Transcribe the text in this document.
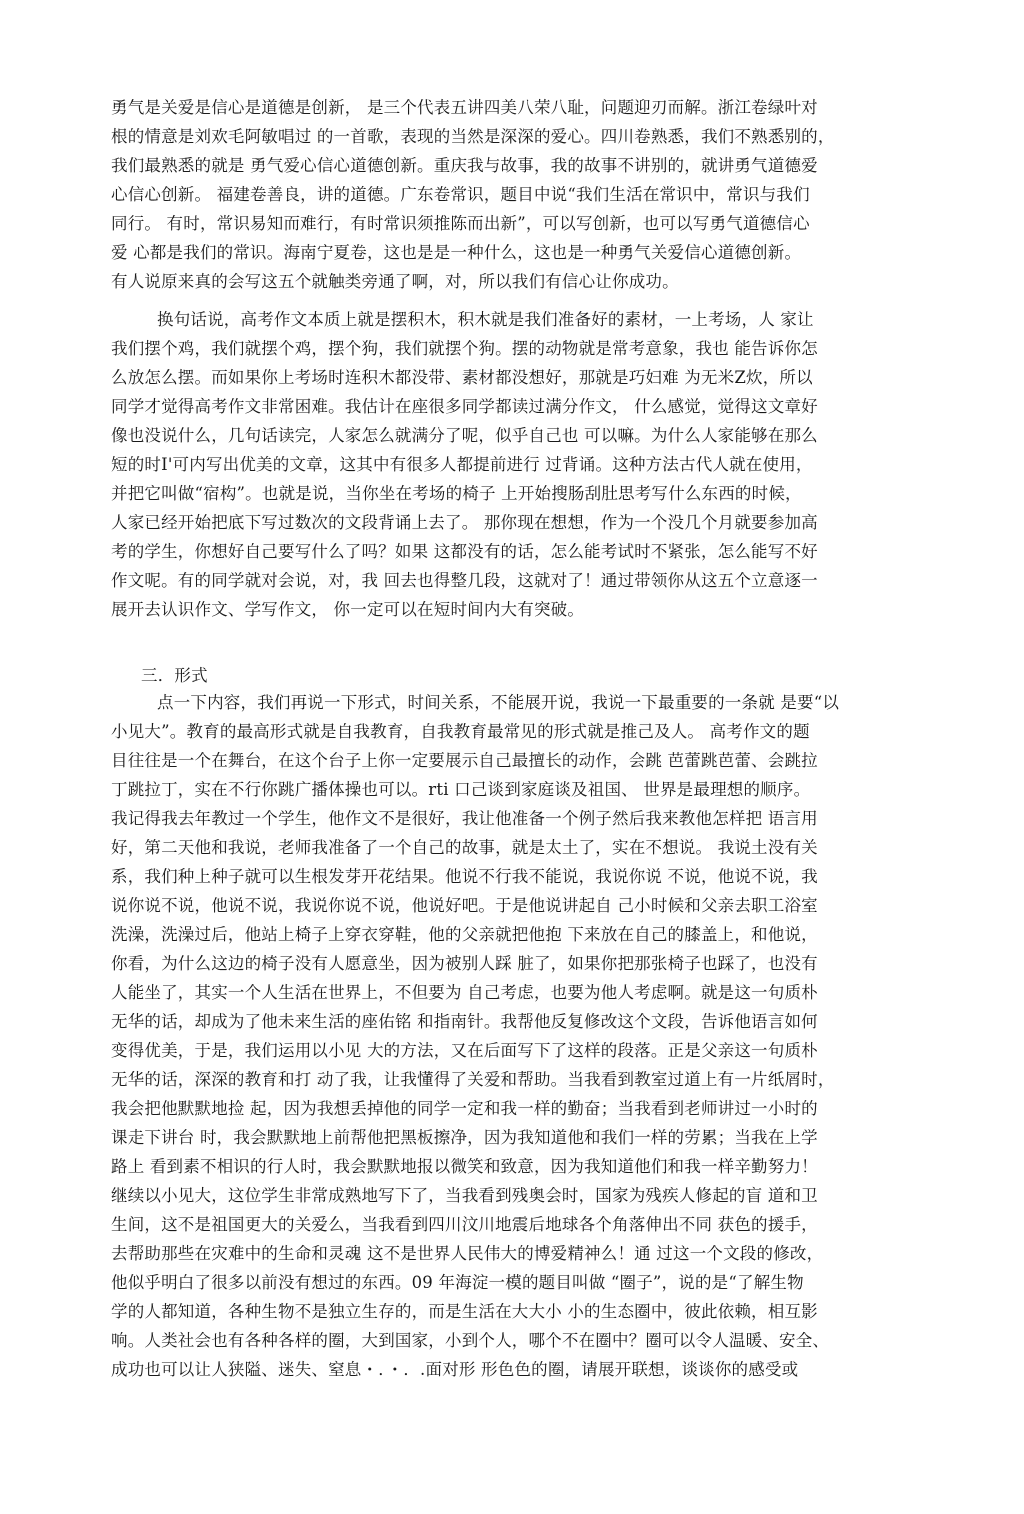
勇气是关爱是信心是道德是创新， 是三个代表五讲四美八荣八耻，问题迎刃而解。浙江卷绿叶对
根的情意是刘欢毛阿敏唱过 的一首歌，表现的当然是深深的爱心。四川卷熟悉，我们不熟悉别的，
我们最熟悉的就是 勇气爱心信心道德创新。重庆我与故事，我的故事不讲别的，就讲勇气道德爱
心信心创新。 福建卷善良，讲的道德。广东卷常识，题目中说“我们生活在常识中，常识与我们
同行。 有时，常识易知而难行，有时常识须推陈而出新”，可以写创新，也可以写勇气道德信心
爱 心都是我们的常识。海南宁夏卷，这也是是一种什么，这也是一种勇气关爱信心道德创新。
有人说原来真的会写这五个就触类旁通了啊，对，所以我们有信心让你成功。
换句话说，高考作文本质上就是摆积木，积木就是我们准备好的素材，一上考场，人 家让
我们摆个鸡，我们就摆个鸡，摆个狗，我们就摆个狗。摆的动物就是常考意象，我也 能告诉你怎
么放怎么摆。而如果你上考场时连积木都没带、素材都没想好，那就是巧妇难 为无米Z炊，所以
同学才觉得高考作文非常困难。我估计在座很多同学都读过满分作文， 什么感觉，觉得这文章好
像也没说什么，几句话读完，人家怎么就满分了呢，似乎自己也 可以嘛。为什么人家能够在那么
短的时I'可内写出优美的文章，这其中有很多人都提前进行 过背诵。这种方法古代人就在使用，
并把它叫做“宿构”。也就是说，当你坐在考场的椅子 上开始搜肠刮肚思考写什么东西的时候，
人家已经开始把底下写过数次的文段背诵上去了。 那你现在想想，作为一个没几个月就要参加高
考的学生，你想好自己要写什么了吗？如果 这都没有的话，怎么能考试时不紧张，怎么能写不好
作文呢。有的同学就对会说，对，我 回去也得整几段，这就对了！通过带领你从这五个立意逐一
展开去认识作文、学写作文， 你一定可以在短时间内大有突破。
三．形式
点一下内容，我们再说一下形式，时间关系，不能展开说，我说一下最重要的一条就 是要“以
小见大”。教育的最高形式就是自我教育，自我教育最常见的形式就是推己及人。 高考作文的题
目往往是一个在舞台，在这个台子上你一定要展示自己最擅长的动作，会跳 芭蕾跳芭蕾、会跳拉
丁跳拉丁，实在不行你跳广播体操也可以。rti 口己谈到家庭谈及祖国、 世界是最理想的顺序。
我记得我去年教过一个学生，他作文不是很好，我让他准备一个例子然后我来教他怎样把 语言用
好，第二天他和我说，老师我准备了一个自己的故事，就是太土了，实在不想说。 我说土没有关
系，我们种上种子就可以生根发芽开花结果。他说不行我不能说，我说你说 不说，他说不说，我
说你说不说，他说不说，我说你说不说，他说好吧。于是他说讲起自 己小时候和父亲去职工浴室
洗澡，洗澡过后，他站上椅子上穿衣穿鞋，他的父亲就把他抱 下来放在自己的膝盖上，和他说，
你看，为什么这边的椅子没有人愿意坐，因为被别人踩 脏了，如果你把那张椅子也踩了，也没有
人能坐了，其实一个人生活在世界上，不但要为 自己考虑，也要为他人考虑啊。就是这一句质朴
无华的话，却成为了他未来生活的座佑铭 和指南针。我帮他反复修改这个文段，告诉他语言如何
变得优美，于是，我们运用以小见 大的方法，又在后面写下了这样的段落。正是父亲这一句质朴
无华的话，深深的教育和打 动了我，让我懂得了关爱和帮助。当我看到教室过道上有一片纸屑时，
我会把他默默地捡 起，因为我想丢掉他的同学一定和我一样的勤奋；当我看到老师讲过一小时的
课走下讲台 时，我会默默地上前帮他把黑板擦净，因为我知道他和我们一样的劳累；当我在上学
路上 看到素不相识的行人时，我会默默地报以微笑和致意，因为我知道他们和我一样辛勤努力！
继续以小见大，这位学生非常成熟地写下了，当我看到残奥会时，国家为残疾人修起的盲 道和卫
生间，这不是祖国更大的关爱么，当我看到四川汶川地震后地球各个角落伸出不同 获色的援手，
去帮助那些在灾难中的生命和灵魂 这不是世界人民伟大的博爱精神么！通 过这一个文段的修改，
他似乎明白了很多以前没有想过的东西。09 年海淀一模的题目叫做 “圈子”，说的是“了解生物
学的人都知道，各种生物不是独立生存的，而是生活在大大小 小的生态圈中，彼此依赖，相互影
响。人类社会也有各种各样的圈，大到国家，小到个人，哪个不在圈中？圈可以令人温暖、安全、
成功也可以让人狭隘、迷失、窒息・．・．.面对形 形色色的圈，请展开联想，谈谈你的感受或
